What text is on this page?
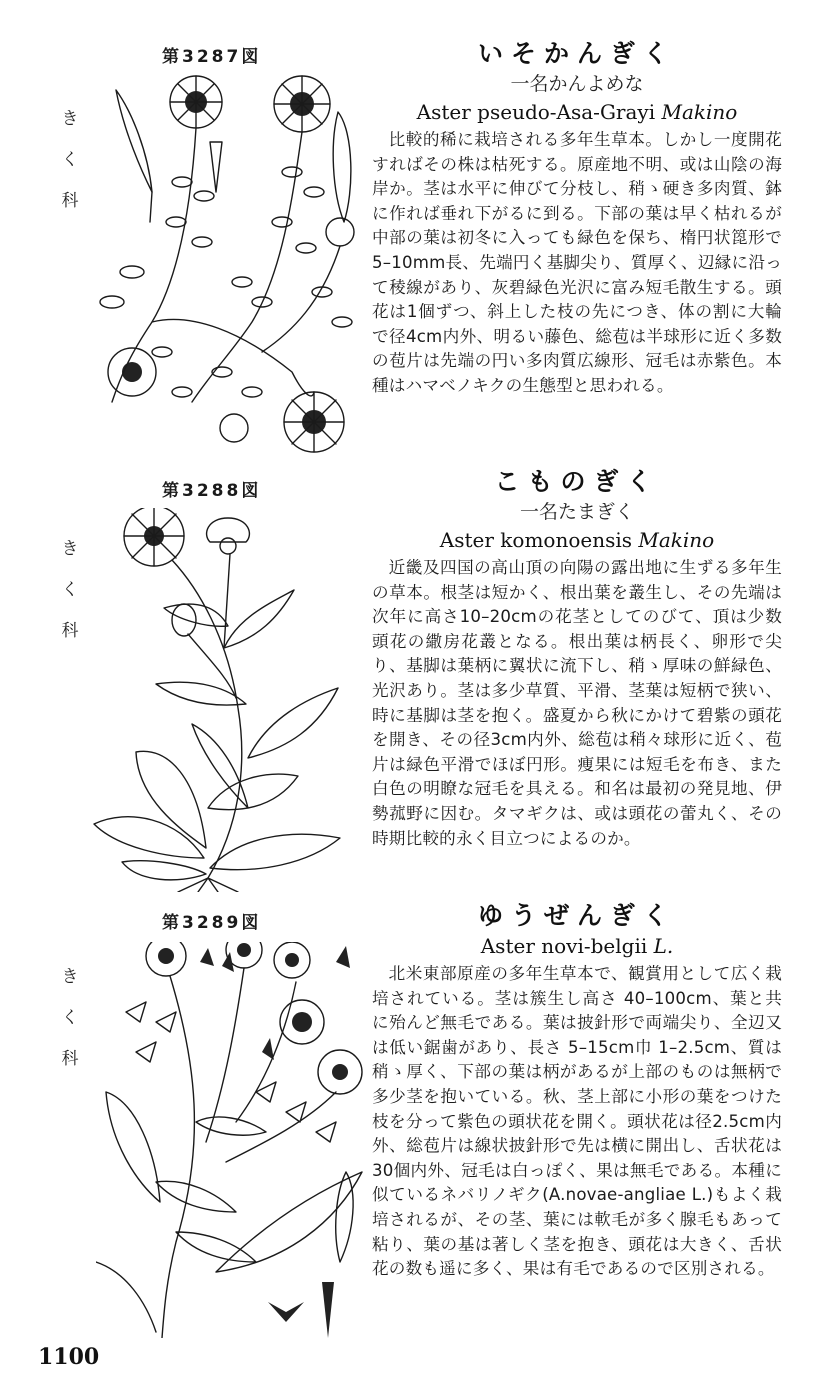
第3287図
き
く
科
いそかんぎく
一名かんよめな
Aster pseudo-Asa-Grayi Makino
比較的稀に栽培される多年生草本。しかし一度開花すればその株は枯死する。原産地不明、或は山陰の海岸か。茎は水平に伸びて分枝し、稍ゝ硬き多肉質、鉢に作れば垂れ下がるに到る。下部の葉は早く枯れるが中部の葉は初冬に入っても緑色を保ち、楕円状箆形で5–10mm長、先端円く基脚尖り、質厚く、辺縁に沿って稜線があり、灰碧緑色光沢に富み短毛散生する。頭花は1個ずつ、斜上した枝の先につき、体の割に大輪で径4cm内外、明るい藤色、総苞は半球形に近く多数の苞片は先端の円い多肉質広線形、冠毛は赤紫色。本種はハマベノキクの生態型と思われる。
第3288図
き
く
科
こものぎく
一名たまぎく
Aster komonoensis Makino
近畿及四国の高山頂の向陽の露出地に生ずる多年生の草本。根茎は短かく、根出葉を叢生し、その先端は次年に高さ10–20cmの花茎としてのびて、頂は少数頭花の繖房花叢となる。根出葉は柄長く、卵形で尖り、基脚は葉柄に翼状に流下し、稍ゝ厚味の鮮緑色、光沢あり。茎は多少草質、平滑、茎葉は短柄で狭い、時に基脚は茎を抱く。盛夏から秋にかけて碧紫の頭花を開き、その径3cm内外、総苞は稍々球形に近く、苞片は緑色平滑でほぼ円形。痩果には短毛を布き、また白色の明瞭な冠毛を具える。和名は最初の発見地、伊勢菰野に因む。タマギクは、或は頭花の蕾丸く、その時期比較的永く目立つによるのか。
第3289図
き
く
科
ゆうぜんぎく
Aster novi-belgii L.
北米東部原産の多年生草本で、観賞用として広く栽培されている。茎は簇生し高さ 40–100cm、葉と共に殆んど無毛である。葉は披針形で両端尖り、全辺又は低い鋸歯があり、長さ 5–15cm巾 1–2.5cm、質は稍ゝ厚く、下部の葉は柄があるが上部のものは無柄で多少茎を抱いている。秋、茎上部に小形の葉をつけた枝を分って紫色の頭状花を開く。頭状花は径2.5cm内外、総苞片は線状披針形で先は横に開出し、舌状花は30個内外、冠毛は白っぽく、果は無毛である。本種に似ているネバリノギク(A.novae-angliae L.)もよく栽培されるが、その茎、葉には軟毛が多く腺毛もあって粘り、葉の基は著しく茎を抱き、頭花は大きく、舌状花の数も遥に多く、果は有毛であるので区別される。
1100
